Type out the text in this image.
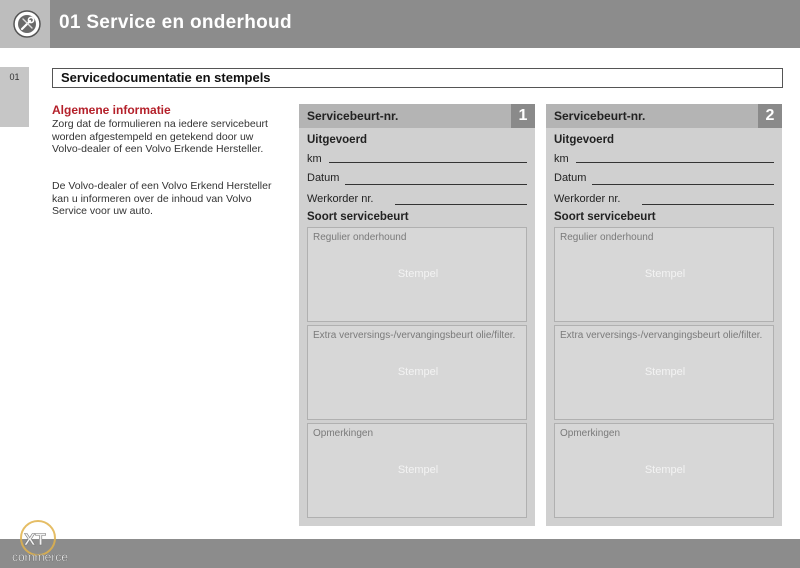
01 Service en onderhoud
01	Servicedocumentatie en stempels
Algemene informatie
Zorg dat de formulieren na iedere servicebeurt worden afgestempeld en getekend door uw Volvo-dealer of een Volvo Erkende Hersteller.
De Volvo-dealer of een Volvo Erkend Hersteller kan u informeren over de inhoud van Volvo Service voor uw auto.
Servicebeurt-nr.	1
Uitgevoerd
km
Datum
Werkorder nr.
Soort servicebeurt
Regulier onderhound
Stempel
Extra verversings-/vervangingsbeurt olie/filter.
Stempel
Opmerkingen
Stempel
Servicebeurt-nr.	2
Uitgevoerd
km
Datum
Werkorder nr.
Soort servicebeurt
Regulier onderhound
Stempel
Extra verversings-/vervangingsbeurt olie/filter.
Stempel
Opmerkingen
Stempel
XT
commerce
